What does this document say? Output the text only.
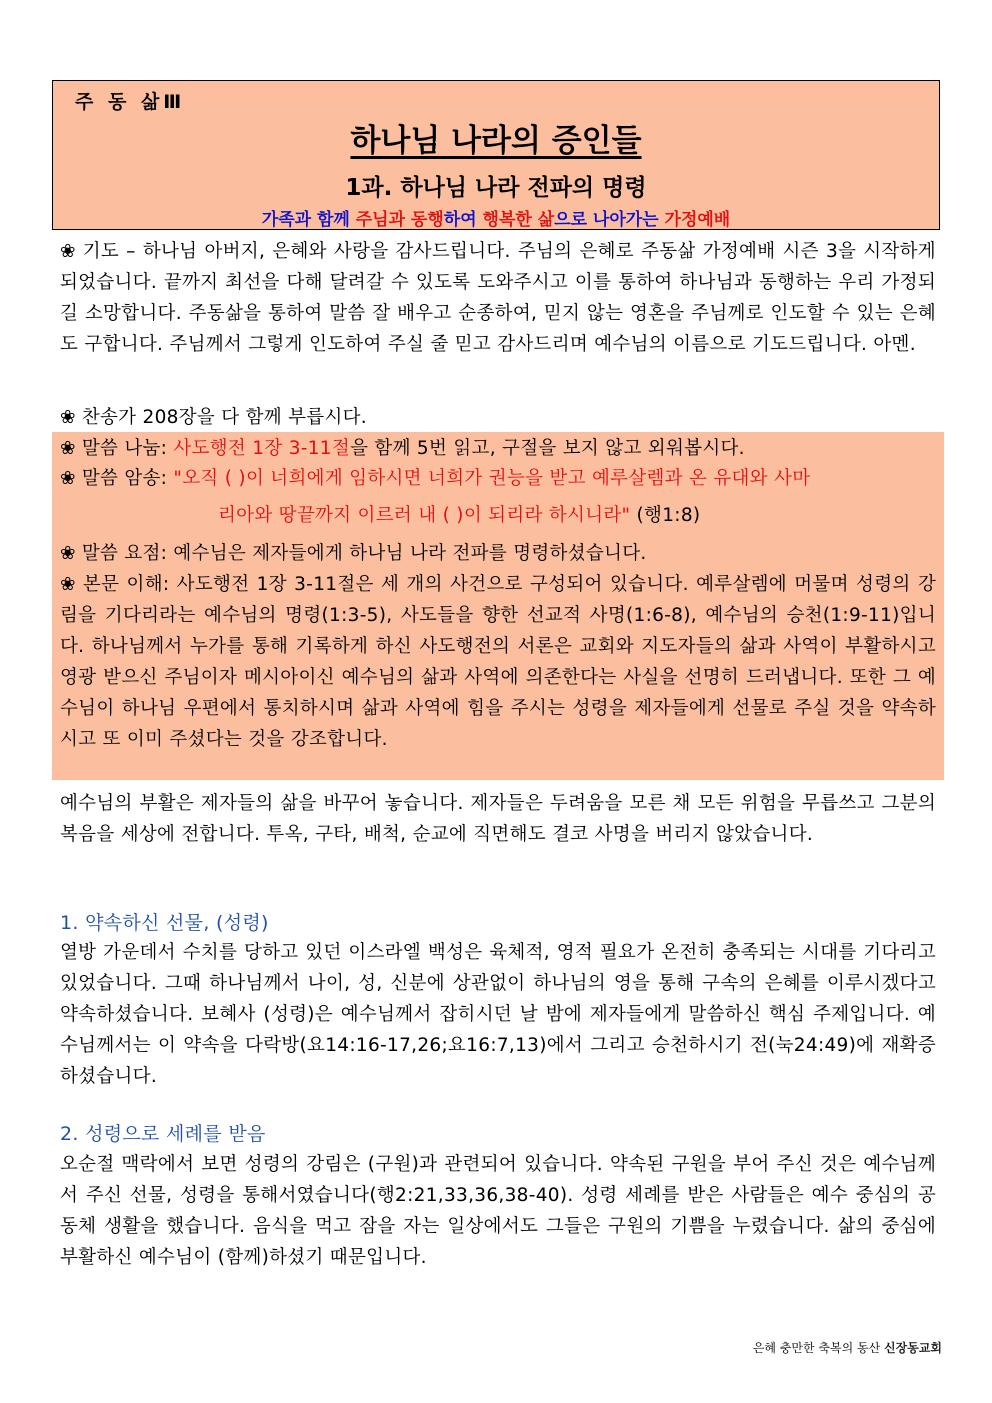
주 동 삶Ⅲ
하나님 나라의 증인들
1과. 하나님 나라 전파의 명령
가족과 함께 주님과 동행하여 행복한 삶으로 나아가는 가정예배
❀ 기도 – 하나님 아버지, 은혜와 사랑을 감사드립니다. 주님의 은혜로 주동삶 가정예배 시즌 3을 시작하게 되었습니다. 끝까지 최선을 다해 달려갈 수 있도록 도와주시고 이를 통하여 하나님과 동행하는 우리 가정되길 소망합니다. 주동삶을 통하여 말씀 잘 배우고 순종하여, 믿지 않는 영혼을 주님께로 인도할 수 있는 은혜도 구합니다. 주님께서 그렇게 인도하여 주실 줄 믿고 감사드리며 예수님의 이름으로 기도드립니다. 아멘.
❀ 찬송가 208장을 다 함께 부릅시다.
❀ 말씀 나눔: 사도행전 1장 3-11절을 함께 5번 읽고, 구절을 보지 않고 외워봅시다.
❀ 말씀 암송: "오직 ( )이 너희에게 임하시면 너희가 권능을 받고 예루살렘과 온 유대와 사마
리아와 땅끝까지 이르러 내 ( )이 되리라 하시니라" (행1:8)
❀ 말씀 요점: 예수님은 제자들에게 하나님 나라 전파를 명령하셨습니다.
❀ 본문 이해: 사도행전 1장 3-11절은 세 개의 사건으로 구성되어 있습니다. 예루살렘에 머물며 성령의 강림을 기다리라는 예수님의 명령(1:3-5), 사도들을 향한 선교적 사명(1:6-8), 예수님의 승천(1:9-11)입니다. 하나님께서 누가를 통해 기록하게 하신 사도행전의 서론은 교회와 지도자들의 삶과 사역이 부활하시고 영광 받으신 주님이자 메시아이신 예수님의 삶과 사역에 의존한다는 사실을 선명히 드러냅니다. 또한 그 예수님이 하나님 우편에서 통치하시며 삶과 사역에 힘을 주시는 성령을 제자들에게 선물로 주실 것을 약속하시고 또 이미 주셨다는 것을 강조합니다.
예수님의 부활은 제자들의 삶을 바꾸어 놓습니다. 제자들은 두려움을 모른 채 모든 위험을 무릅쓰고 그분의 복음을 세상에 전합니다. 투옥, 구타, 배척, 순교에 직면해도 결코 사명을 버리지 않았습니다.
1. 약속하신 선물, (성령)
열방 가운데서 수치를 당하고 있던 이스라엘 백성은 육체적, 영적 필요가 온전히 충족되는 시대를 기다리고 있었습니다. 그때 하나님께서 나이, 성, 신분에 상관없이 하나님의 영을 통해 구속의 은혜를 이루시겠다고 약속하셨습니다. 보혜사 (성령)은 예수님께서 잡히시던 날 밤에 제자들에게 말씀하신 핵심 주제입니다. 예수님께서는 이 약속을 다락방(요14:16-17,26;요16:7,13)에서 그리고 승천하시기 전(눅24:49)에 재확증하셨습니다.
2. 성령으로 세례를 받음
오순절 맥락에서 보면 성령의 강림은 (구원)과 관련되어 있습니다. 약속된 구원을 부어 주신 것은 예수님께서 주신 선물, 성령을 통해서였습니다(행2:21,33,36,38-40). 성령 세례를 받은 사람들은 예수 중심의 공동체 생활을 했습니다. 음식을 먹고 잠을 자는 일상에서도 그들은 구원의 기쁨을 누렸습니다. 삶의 중심에 부활하신 예수님이 (함께)하셨기 때문입니다.
은혜 충만한 축복의 동산 신장동교회
